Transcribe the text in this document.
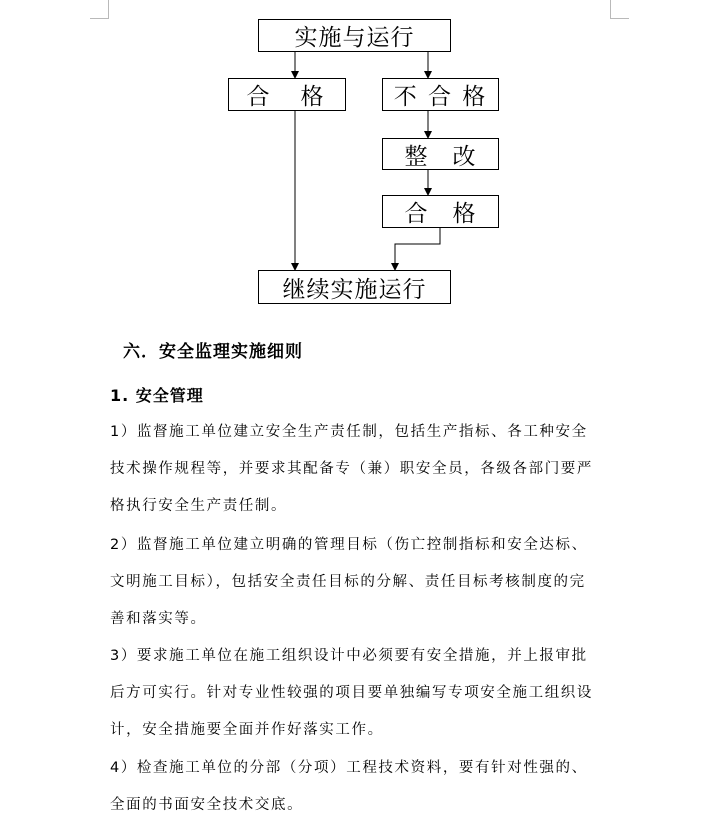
实施与运行
合　格	不 合 格
整　改
合　格
继续实施运行
六．安全监理实施细则
1. 安全管理
1）监督施工单位建立安全生产责任制，包括生产指标、各工种安全
技术操作规程等，并要求其配备专（兼）职安全员，各级各部门要严
格执行安全生产责任制。
2）监督施工单位建立明确的管理目标（伤亡控制指标和安全达标、
文明施工目标），包括安全责任目标的分解、责任目标考核制度的完
善和落实等。
3）要求施工单位在施工组织设计中必须要有安全措施，并上报审批
后方可实行。针对专业性较强的项目要单独编写专项安全施工组织设
计，安全措施要全面并作好落实工作。
4）检查施工单位的分部（分项）工程技术资料，要有针对性强的、
全面的书面安全技术交底。
